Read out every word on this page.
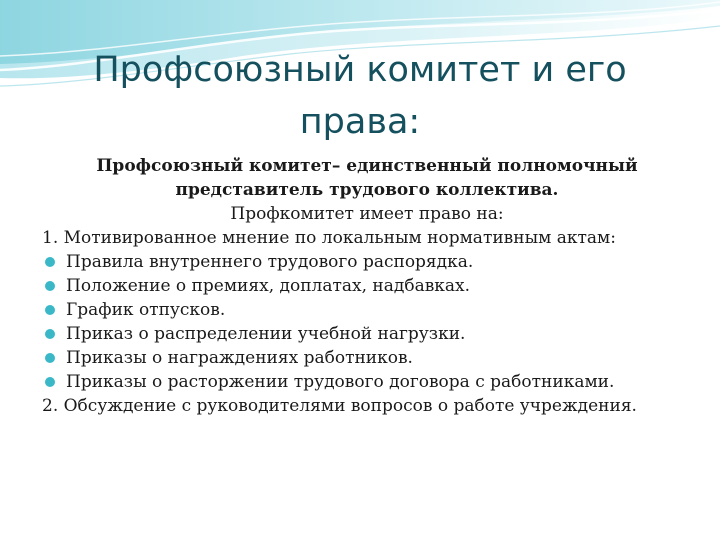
Профсоюзный комитет и его
права:
Профсоюзный комитет– единственный полномочный
представитель трудового коллектива.
Профкомитет имеет право на:
1. Мотивированное мнение по локальным нормативным актам:
Правила внутреннего трудового распорядка.
Положение о премиях, доплатах, надбавках.
График отпусков.
Приказ о распределении учебной нагрузки.
Приказы о награждениях работников.
Приказы о расторжении трудового договора с работниками.
2. Обсуждение с руководителями вопросов о работе учреждения.
